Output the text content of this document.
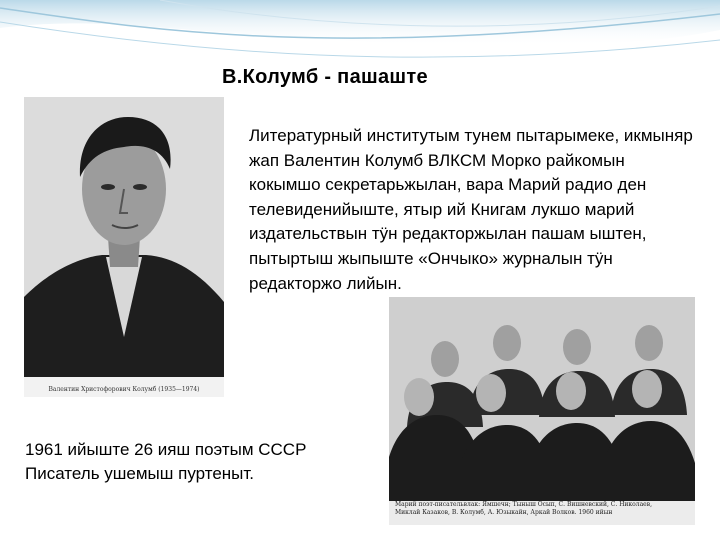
В.Колумб - пашаште
Валентин Христофорович Колумб (1935—1974)
Литературный институтым тунем пытарымеке, икмыняр жап Валентин Колумб ВЛКСМ Морко райкомын кокымшо секретарьжылан, вара Марий радио ден телевиденийыште, ятыр ий Книгам лукшо марий издательствын тӱн редакторжылан пашам ыштен, пытыртыш жыпыште «Ончыко» журналын тӱн редакторжо лийын.
Марий поэт-писательвлак: Ямшечн; Тыныш Осып, С. Вишневский, С. Николаев,
Миклай Казаков, В. Колумб, А. Юзыкайн, Аркай Волков. 1960 ийын
1961 ийыште 26 ияш поэтым СССР Писатель ушемыш пуртеныт.
